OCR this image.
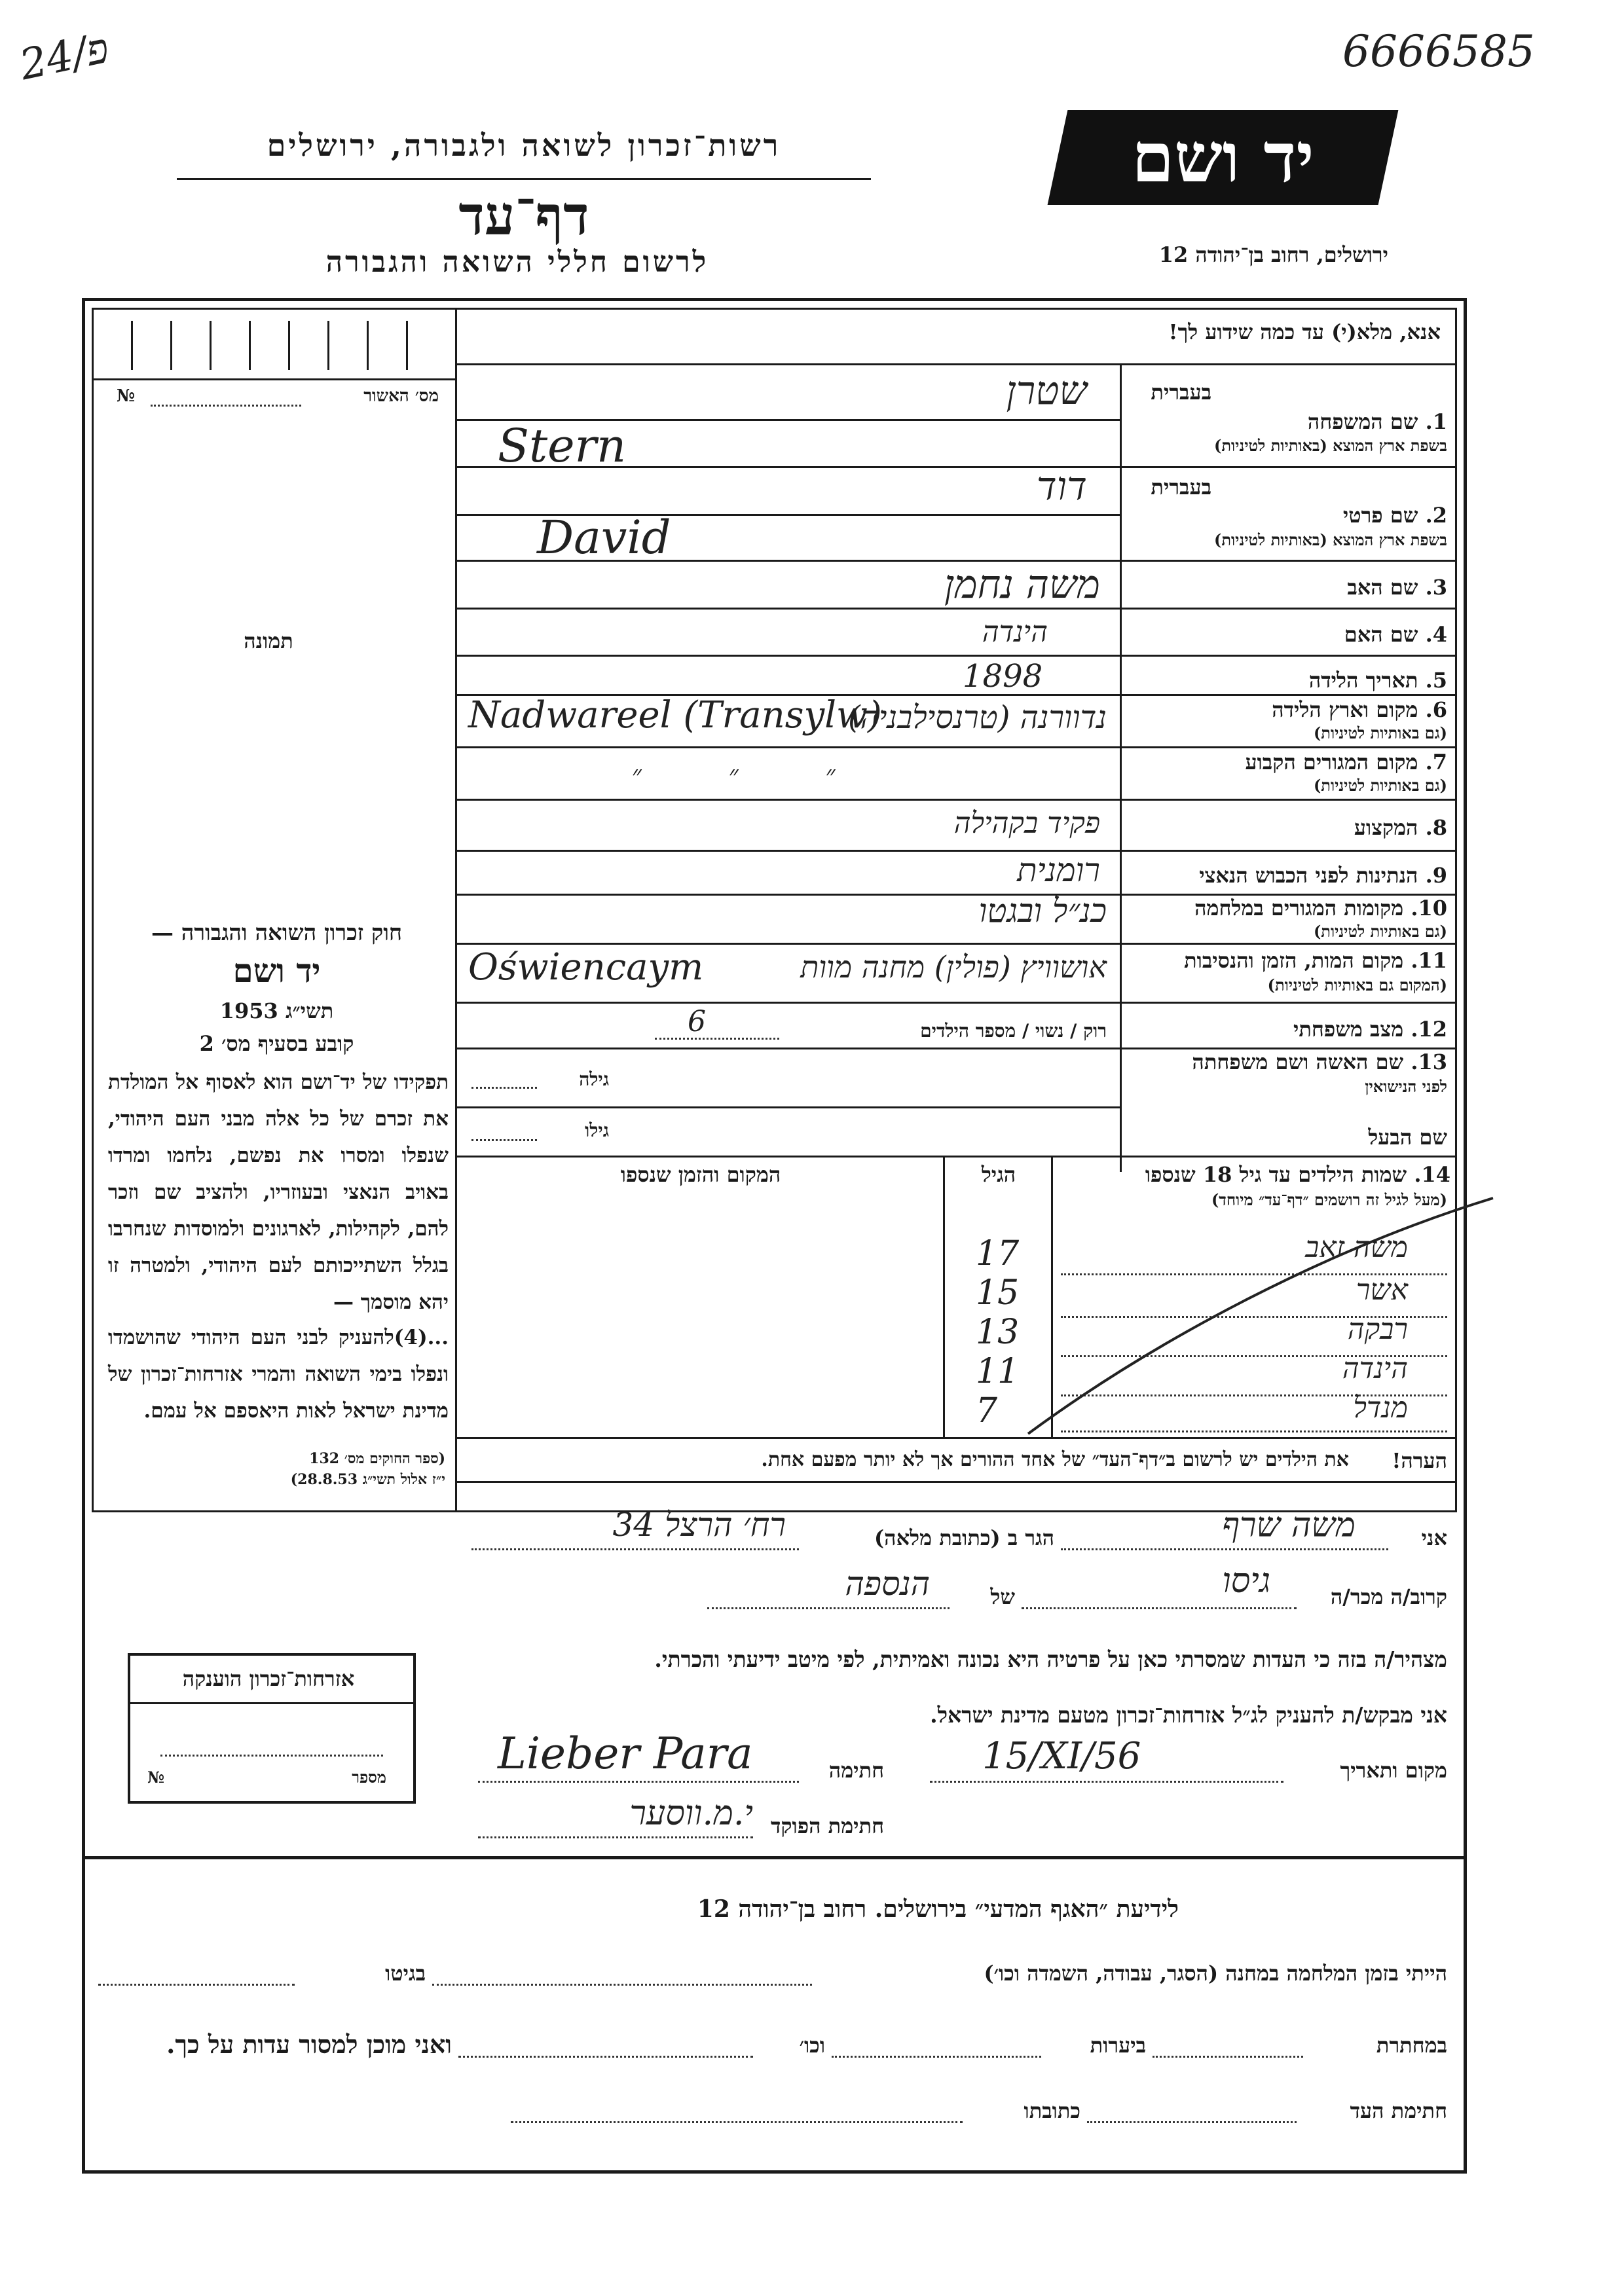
24/פ	6666585
רשות־זכרון לשואה ולגבורה, ירושלים
דף־עד
לרשום חללי השואה והגבורה
יד ושם
ירושלים, רחוב בן־יהודה 12
מס׳ האשור
№
תמונה
חוק זכרון השואה והגבורה —
יד ושם
תשי״ג 1953
קובע בסעיף מס׳ 2
תפקידו של יד־ושם הוא לאסוף אל המולדת את זכרם של כל אלה מבני העם היהודי, שנפלו ומסרו את נפשם, נלחמו ומרדו באויב הנאצי ובעוזריו, ולהציב שם וזכר להם, לקהילות, לארגונים ולמוסדות שנחרבו בגלל השתייכותם לעם היהודי, ולמטרה זו יהא מוסמך —
...(4)להעניק לבני העם היהודי שהושמדו ונפלו בימי השואה והמרי אזרחות־זכרון של מדינת ישראל לאות היאספם אל עמם.
(ספר החוקים מס׳ 132
י״ז אלול תשי״ג 28.8.53)
אזרחות־זכרון הוענקה
מספר
№
אנא, מלא(י) עד כמה שידוע לך!
בעברית
1. שם המשפחה
בשפת ארץ המוצא (באותיות לטיניות)
שטרן
Stern
בעברית
2. שם פרטי
בשפת ארץ המוצא (באותיות לטיניות)
דוד
David
3. שם האב
משה נחמן
4. שם האם
הינדה
5. תאריך הלידה
1898
6. מקום וארץ הלידה
(גם באותיות לטיניות)
Nadwareel (Transylw)
נדוורנה (טרנסילבניה)
7. מקום המגורים הקבוע
(גם באותיות לטיניות)
״ ״ ״
8. המקצוע
פקיד בקהילה
9. הנתינות לפני הכבוש הנאצי
רומנית
10. מקומות המגורים במלחמה
(גם באותיות לטיניות)
כנ״ל ובגטו
11. מקום המות, הזמן והנסיבות
(המקום גם באותיות לטיניות)
Oświencaym	אושוויץ (פולין) מחנה מוות
12. מצב משפחתי
רוק / נשוי / מספר הילדים
6
13. שם האשה ושם משפחתה
לפני הנישואין
גילה
שם הבעל
גילו
14. שמות הילדים עד גיל 18 שנספו
(מעל לגיל זה רושמים ״דף־עד״ מיוחד)
הגיל
המקום והזמן שנספו
משה זאב
17
אשר
15
רבקה
13
הינדה
11
מנדל
7
הערה!
את הילדים יש לרשום ב״דף־העד״ של אחד ההורים אך לא יותר מפעם אחת.
אני
משה שרף
הגר ב (כתובת מלאה)
רח׳ הרצל 34
קרוב/ה מכר/ה
גיסו
של
הנספה
מצהיר/ה בזה כי העדות שמסרתי כאן על פרטיה היא נכונה ואמיתית, לפי מיטב ידיעתי והכרתי.
אני מבקש/ת להעניק לג״ל אזרחות־זכרון מטעם מדינת ישראל.
מקום ותאריך
15/XI/56
חתימה
Lieber Para
חתימת הפוקד
י.מ.ווסער
לידיעת ״האגף המדעי״ בירושלים. רחוב בן־יהודה 12
הייתי בזמן המלחמה במחנה (הסגר, עבודה, השמדה וכו׳)
בגיטו
במחתרת
ביערות
וכו׳
ואני מוכן למסור עדות על כך.
חתימת העד
כתובתו
